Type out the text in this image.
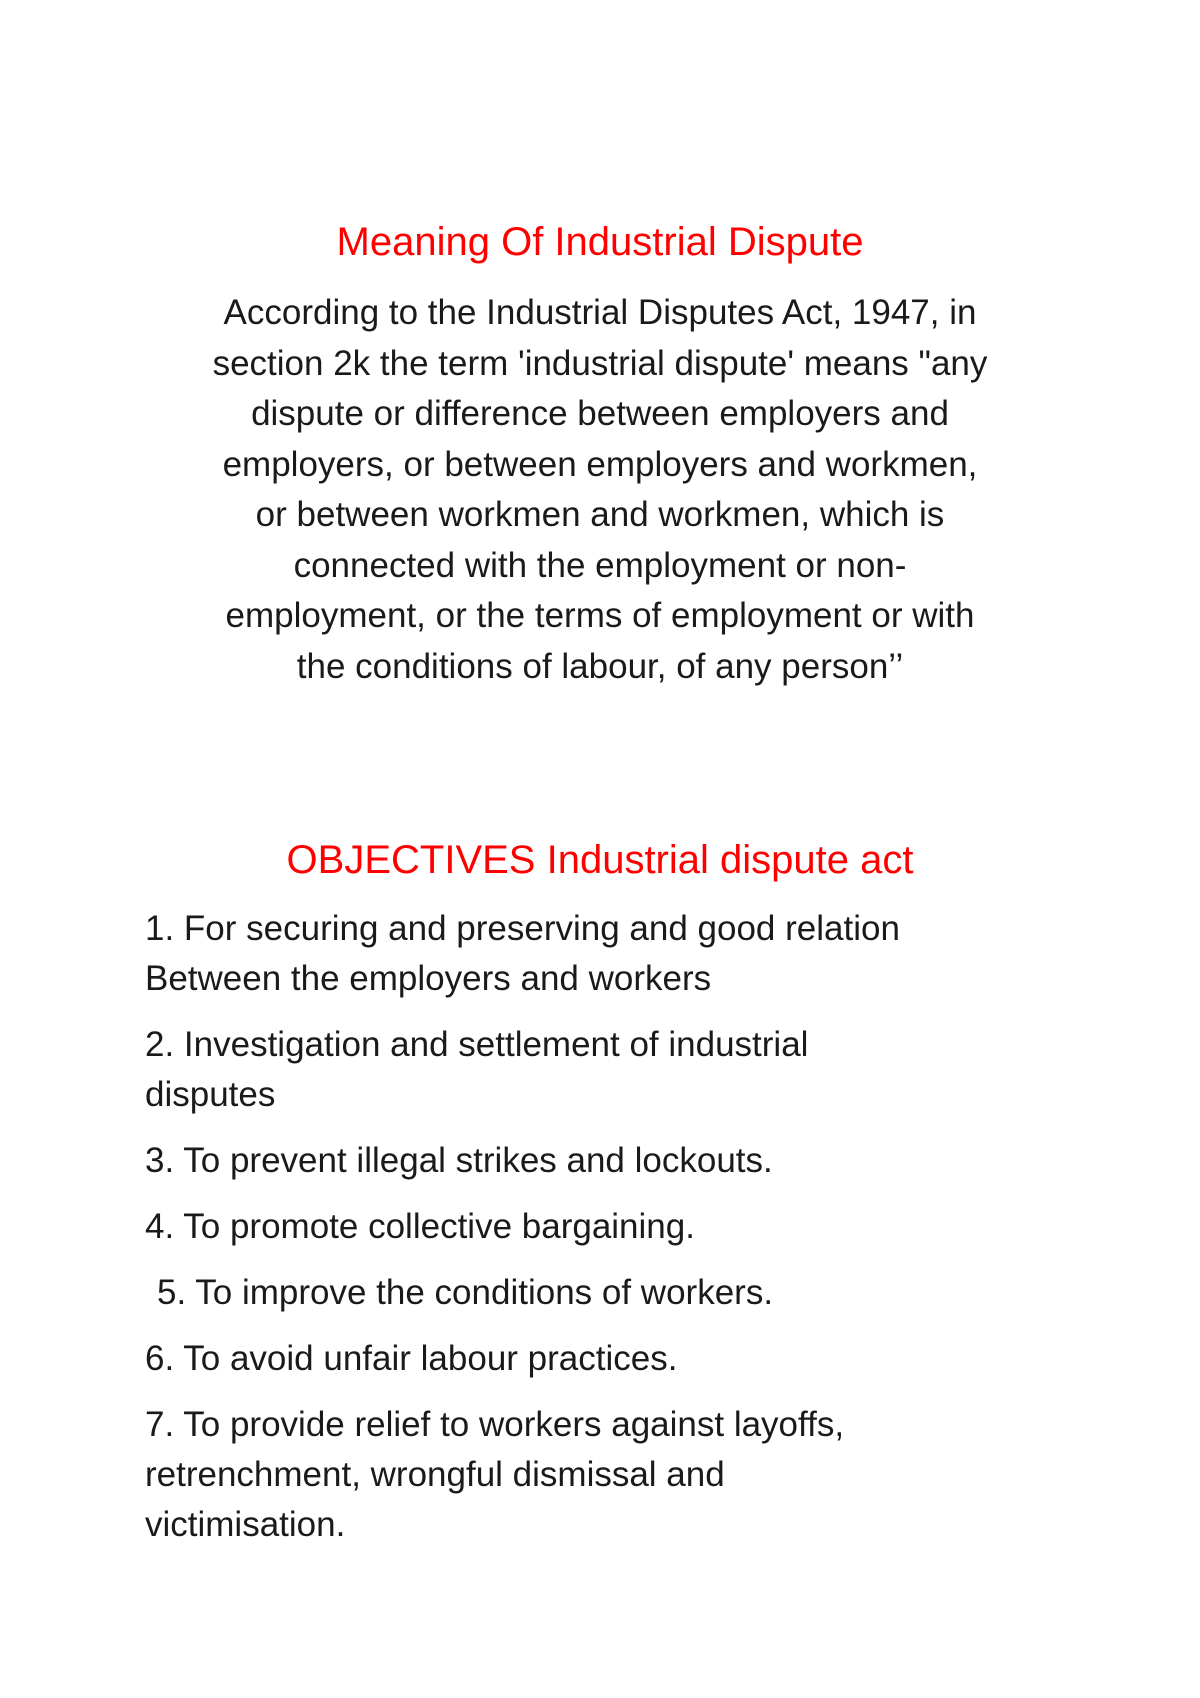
Meaning Of Industrial Dispute

According to the Industrial Disputes Act, 1947, in
section 2k the term 'industrial dispute' means "any
dispute or difference between employers and
employers, or between employers and workmen,
or between workmen and workmen, which is
connected with the employment or non-
employment, or the terms of employment or with
the conditions of labour, of any person’’

OBJECTIVES Industrial dispute act
1. For securing and preserving and good relation
Between the employers and workers
2. Investigation and settlement of industrial
disputes
3. To prevent illegal strikes and lockouts.
4. To promote collective bargaining.
5. To improve the conditions of workers.
6. To avoid unfair labour practices.
7. To provide relief to workers against layoffs,
retrenchment, wrongful dismissal and
victimisation.
